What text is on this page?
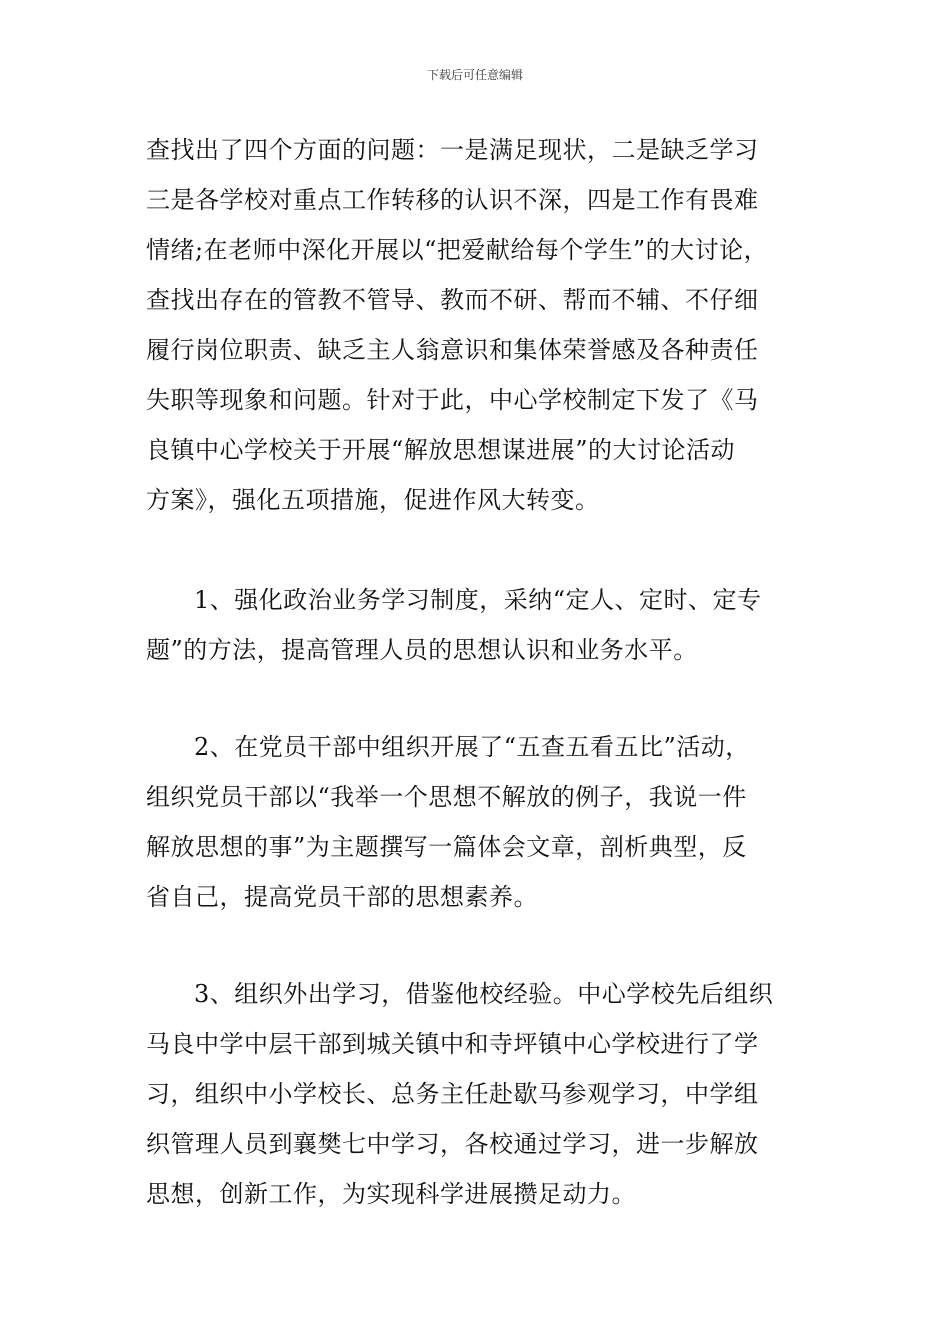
下载后可任意编辑
查找出了四个方面的问题：一是满足现状，二是缺乏学习
三是各学校对重点工作转移的认识不深，四是工作有畏难
情绪;在老师中深化开展以“把爱献给每个学生”的大讨论，
查找出存在的管教不管导、教而不研、帮而不辅、不仔细
履行岗位职责、缺乏主人翁意识和集体荣誉感及各种责任
失职等现象和问题。针对于此，中心学校制定下发了《马
良镇中心学校关于开展“解放思想谋进展”的大讨论活动
方案》，强化五项措施，促进作风大转变。
1、强化政治业务学习制度，采纳“定人、定时、定专
题”的方法，提高管理人员的思想认识和业务水平。
2、在党员干部中组织开展了“五查五看五比”活动，
组织党员干部以“我举一个思想不解放的例子，我说一件
解放思想的事”为主题撰写一篇体会文章，剖析典型，反
省自己，提高党员干部的思想素养。
3、组织外出学习，借鉴他校经验。中心学校先后组织
马良中学中层干部到城关镇中和寺坪镇中心学校进行了学
习，组织中小学校长、总务主任赴歇马参观学习，中学组
织管理人员到襄樊七中学习，各校通过学习，进一步解放
思想，创新工作，为实现科学进展攒足动力。
